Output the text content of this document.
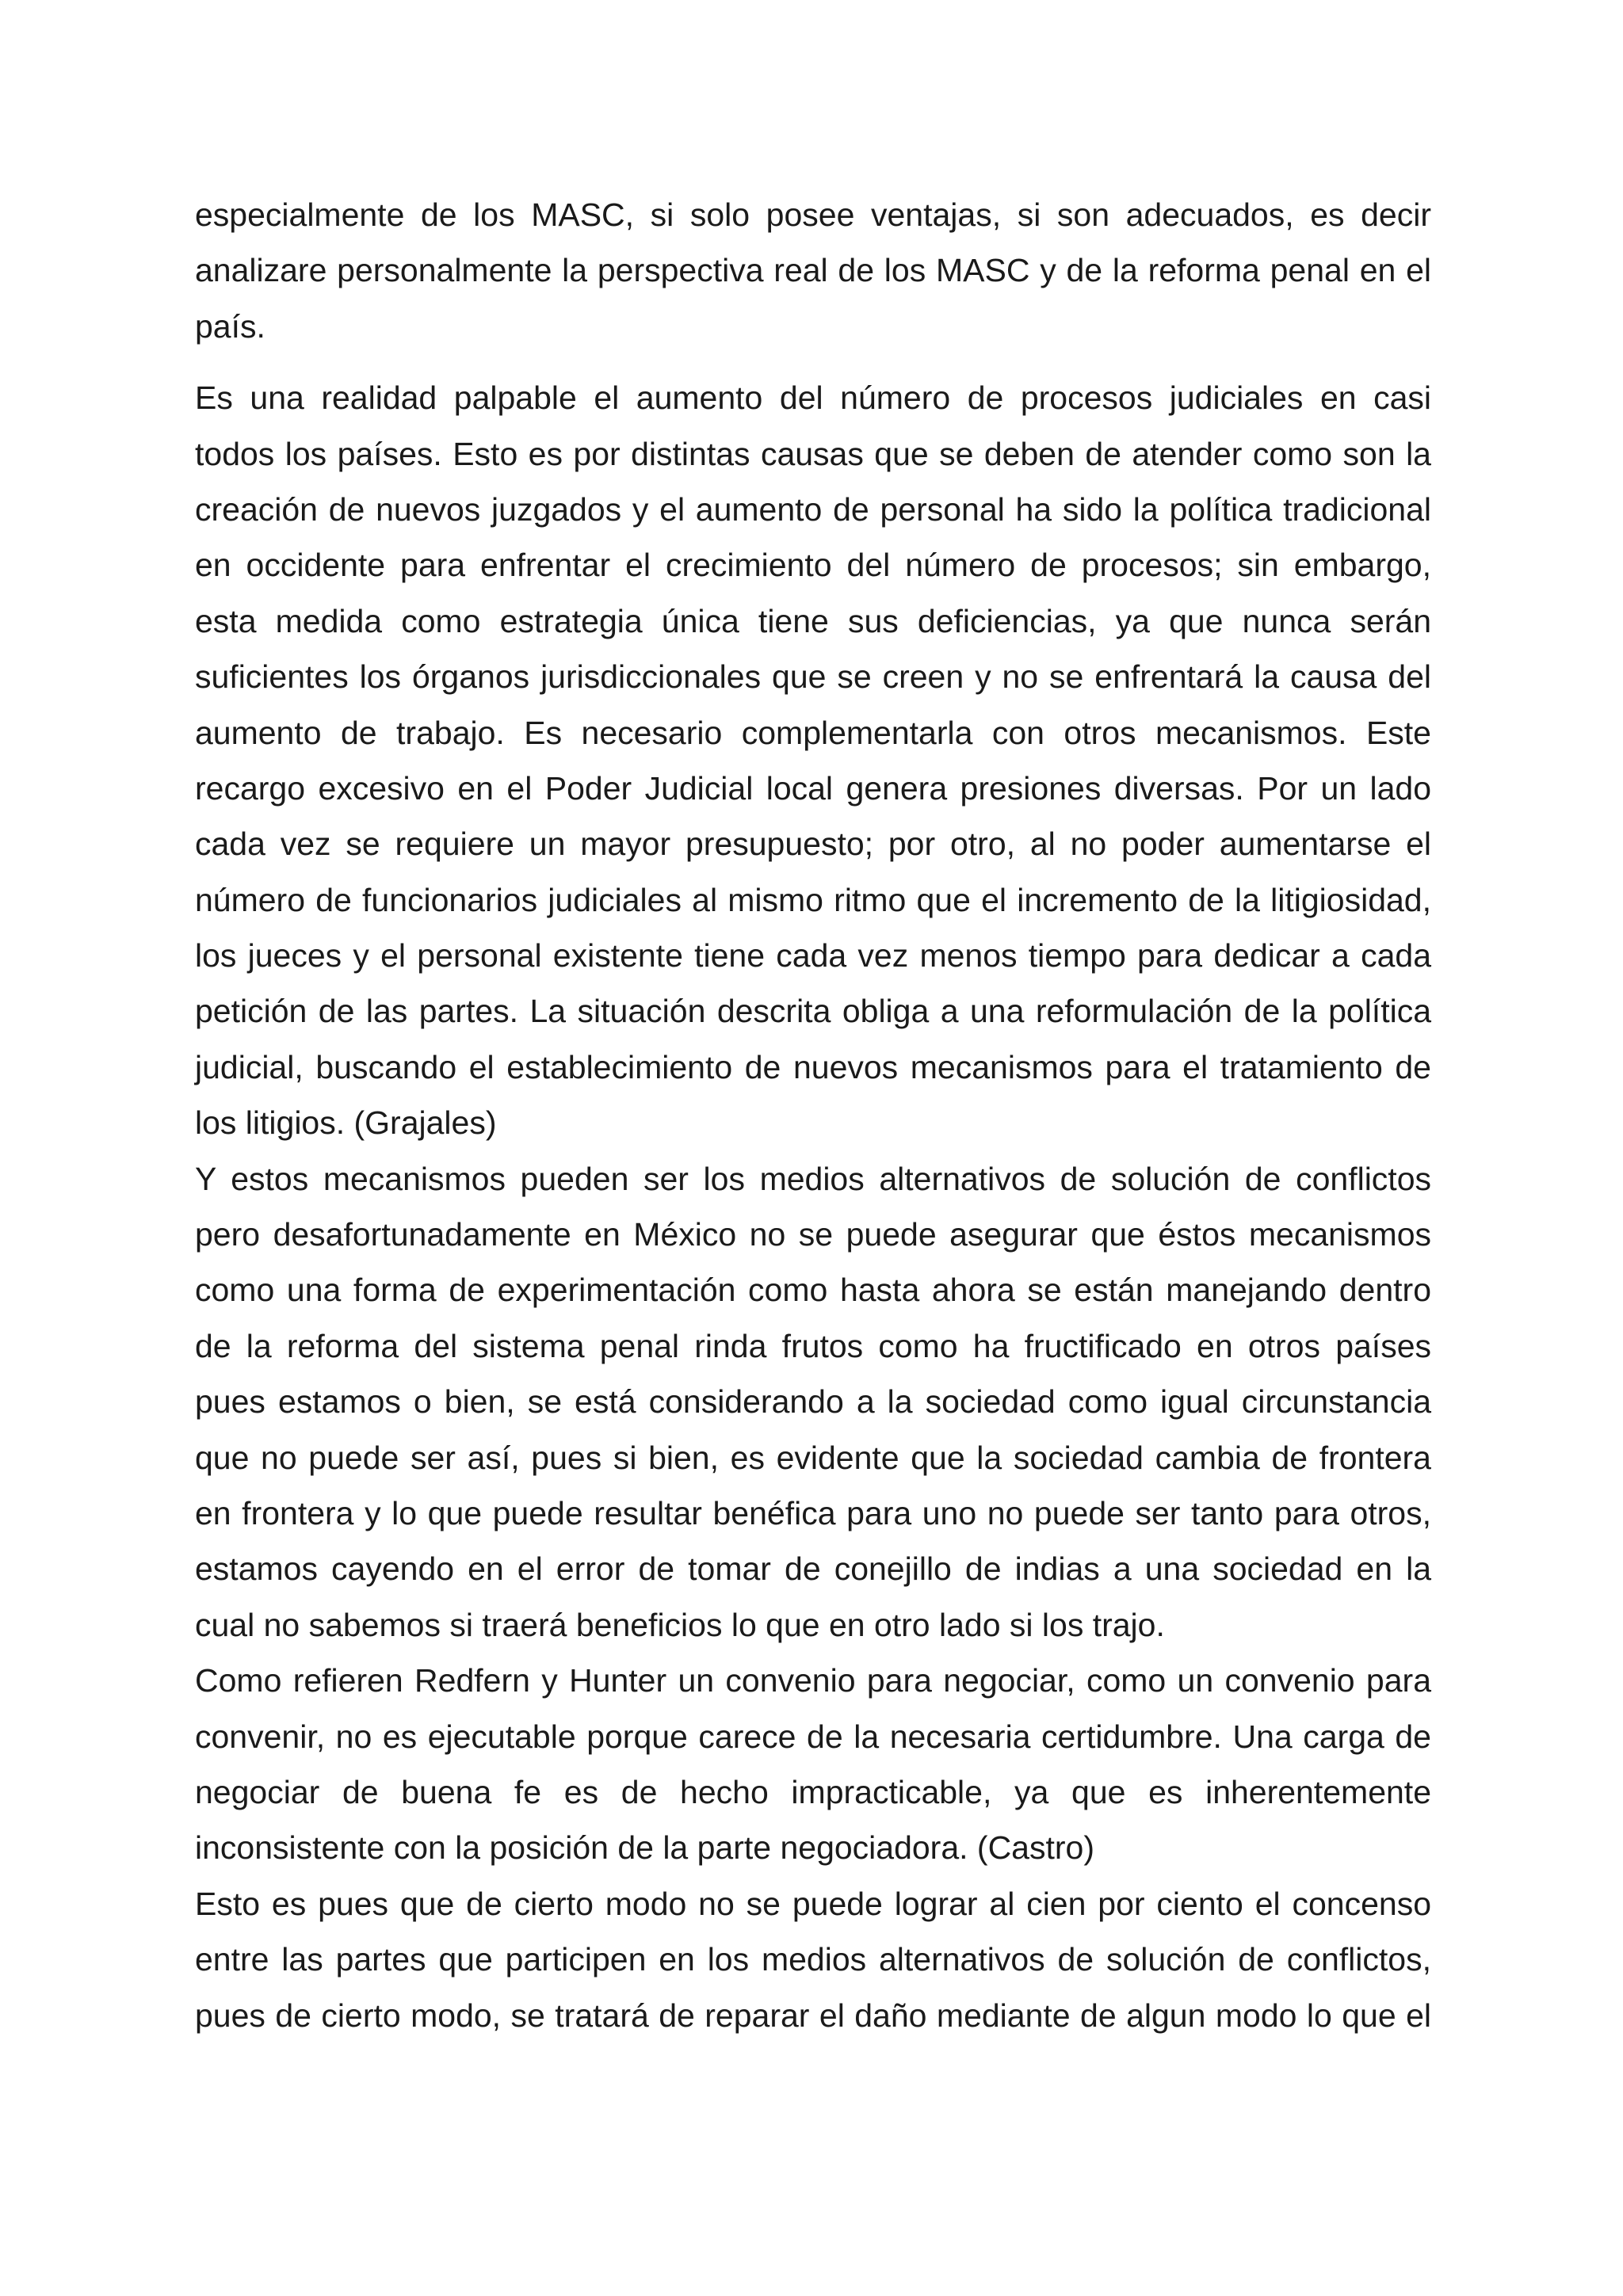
especialmente de los MASC, si solo posee ventajas, si son adecuados, es decir
analizare personalmente la perspectiva real de los MASC y de la reforma penal en el
país.
Es una realidad palpable el aumento del número de procesos judiciales en casi
todos los países. Esto es por distintas causas que se deben de atender como son la
creación de nuevos juzgados y el aumento de personal ha sido la política tradicional
en occidente para enfrentar el crecimiento del número de procesos; sin embargo,
esta medida como estrategia única tiene sus deficiencias, ya que nunca serán
suficientes los órganos jurisdiccionales que se creen y no se enfrentará la causa del
aumento de trabajo. Es necesario complementarla con otros mecanismos. Este
recargo excesivo en el Poder Judicial local genera presiones diversas. Por un lado
cada vez se requiere un mayor presupuesto; por otro, al no poder aumentarse el
número de funcionarios judiciales al mismo ritmo que el incremento de la litigiosidad,
los jueces y el personal existente tiene cada vez menos tiempo para dedicar a cada
petición de las partes. La situación descrita obliga a una reformulación de la política
judicial, buscando el establecimiento de nuevos mecanismos para el tratamiento de
los litigios. (Grajales)
Y estos mecanismos pueden ser los medios alternativos de solución de conflictos
pero desafortunadamente en México no se puede asegurar que éstos mecanismos
como una forma de experimentación como hasta ahora se están manejando dentro
de la reforma del sistema penal rinda frutos como ha fructificado en otros países
pues estamos o bien, se está considerando a la sociedad como igual circunstancia
que no puede ser así, pues si bien, es evidente que la sociedad cambia de frontera
en frontera y lo que puede resultar benéfica para uno no puede ser tanto para otros,
estamos cayendo en el error de tomar de conejillo de indias a una sociedad en la
cual no sabemos si traerá beneficios lo que en otro lado si los trajo.
Como refieren Redfern y Hunter un convenio para negociar, como un convenio para
convenir, no es ejecutable porque carece de la necesaria certidumbre. Una carga de
negociar de buena fe es de hecho impracticable, ya que es inherentemente
inconsistente con la posición de la parte negociadora. (Castro)
Esto es pues que de cierto modo no se puede lograr al cien por ciento el concenso
entre las partes que participen en los medios alternativos de solución de conflictos,
pues de cierto modo, se tratará de reparar el daño mediante de algun modo lo que el
